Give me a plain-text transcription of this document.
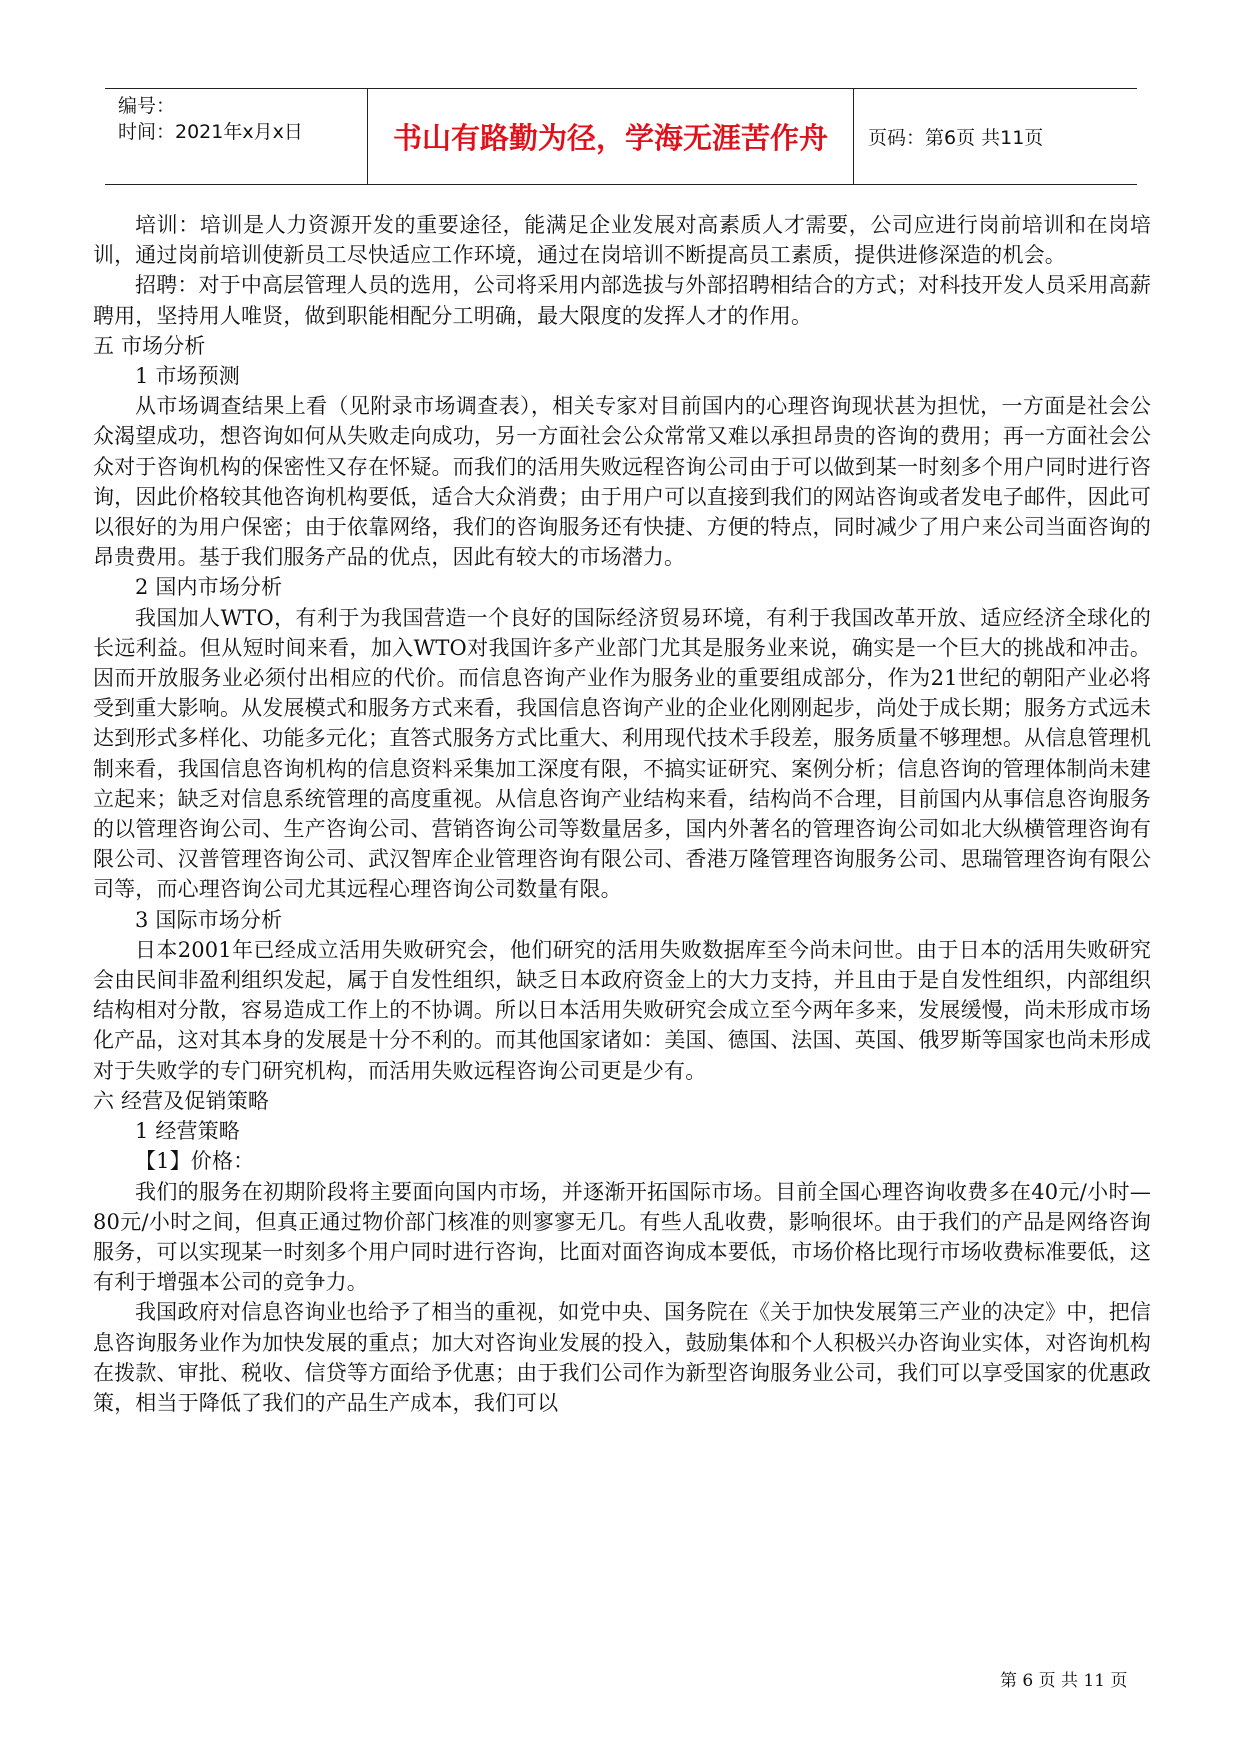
编号：
时间：2021年x月x日	书山有路勤为径，学海无涯苦作舟	页码：第6页 共11页

培训：培训是人力资源开发的重要途径，能满足企业发展对高素质人才需要，公司应进行岗前培训和在岗培训，通过岗前培训使新员工尽快适应工作环境，通过在岗培训不断提高员工素质，提供进修深造的机会。

招聘：对于中高层管理人员的选用，公司将采用内部选拔与外部招聘相结合的方式；对科技开发人员采用高薪聘用，坚持用人唯贤，做到职能相配分工明确，最大限度的发挥人才的作用。

五 市场分析

1 市场预测

从市场调查结果上看（见附录市场调查表），相关专家对目前国内的心理咨询现状甚为担忧，一方面是社会公众渴望成功，想咨询如何从失败走向成功，另一方面社会公众常常又难以承担昂贵的咨询的费用；再一方面社会公众对于咨询机构的保密性又存在怀疑。而我们的活用失败远程咨询公司由于可以做到某一时刻多个用户同时进行咨询，因此价格较其他咨询机构要低，适合大众消费；由于用户可以直接到我们的网站咨询或者发电子邮件，因此可以很好的为用户保密；由于依靠网络，我们的咨询服务还有快捷、方便的特点，同时减少了用户来公司当面咨询的昂贵费用。基于我们服务产品的优点，因此有较大的市场潜力。

2 国内市场分析

我国加人WTO，有利于为我国营造一个良好的国际经济贸易环境，有利于我国改革开放、适应经济全球化的长远利益。但从短时间来看，加入WTO对我国许多产业部门尤其是服务业来说，确实是一个巨大的挑战和冲击。因而开放服务业必须付出相应的代价。而信息咨询产业作为服务业的重要组成部分，作为21世纪的朝阳产业必将受到重大影响。从发展模式和服务方式来看，我国信息咨询产业的企业化刚刚起步，尚处于成长期；服务方式远未达到形式多样化、功能多元化；直答式服务方式比重大、利用现代技术手段差，服务质量不够理想。从信息管理机制来看，我国信息咨询机构的信息资料采集加工深度有限，不搞实证研究、案例分析；信息咨询的管理体制尚未建立起来；缺乏对信息系统管理的高度重视。从信息咨询产业结构来看，结构尚不合理，目前国内从事信息咨询服务的以管理咨询公司、生产咨询公司、营销咨询公司等数量居多，国内外著名的管理咨询公司如北大纵横管理咨询有限公司、汉普管理咨询公司、武汉智库企业管理咨询有限公司、香港万隆管理咨询服务公司、思瑞管理咨询有限公司等，而心理咨询公司尤其远程心理咨询公司数量有限。

3 国际市场分析

日本2001年已经成立活用失败研究会，他们研究的活用失败数据库至今尚未问世。由于日本的活用失败研究会由民间非盈利组织发起，属于自发性组织，缺乏日本政府资金上的大力支持，并且由于是自发性组织，内部组织结构相对分散，容易造成工作上的不协调。所以日本活用失败研究会成立至今两年多来，发展缓慢，尚未形成市场化产品，这对其本身的发展是十分不利的。而其他国家诸如：美国、德国、法国、英国、俄罗斯等国家也尚未形成对于失败学的专门研究机构，而活用失败远程咨询公司更是少有。

六 经营及促销策略

1 经营策略

【1】价格：

我们的服务在初期阶段将主要面向国内市场，并逐渐开拓国际市场。目前全国心理咨询收费多在40元/小时—80元/小时之间，但真正通过物价部门核准的则寥寥无几。有些人乱收费，影响很坏。由于我们的产品是网络咨询服务，可以实现某一时刻多个用户同时进行咨询，比面对面咨询成本要低，市场价格比现行市场收费标准要低，这有利于增强本公司的竞争力。

我国政府对信息咨询业也给予了相当的重视，如党中央、国务院在《关于加快发展第三产业的决定》中，把信息咨询服务业作为加快发展的重点；加大对咨询业发展的投入，鼓励集体和个人积极兴办咨询业实体，对咨询机构在拨款、审批、税收、信贷等方面给予优惠；由于我们公司作为新型咨询服务业公司，我们可以享受国家的优惠政策，相当于降低了我们的产品生产成本，我们可以

第 6 页 共 11 页
